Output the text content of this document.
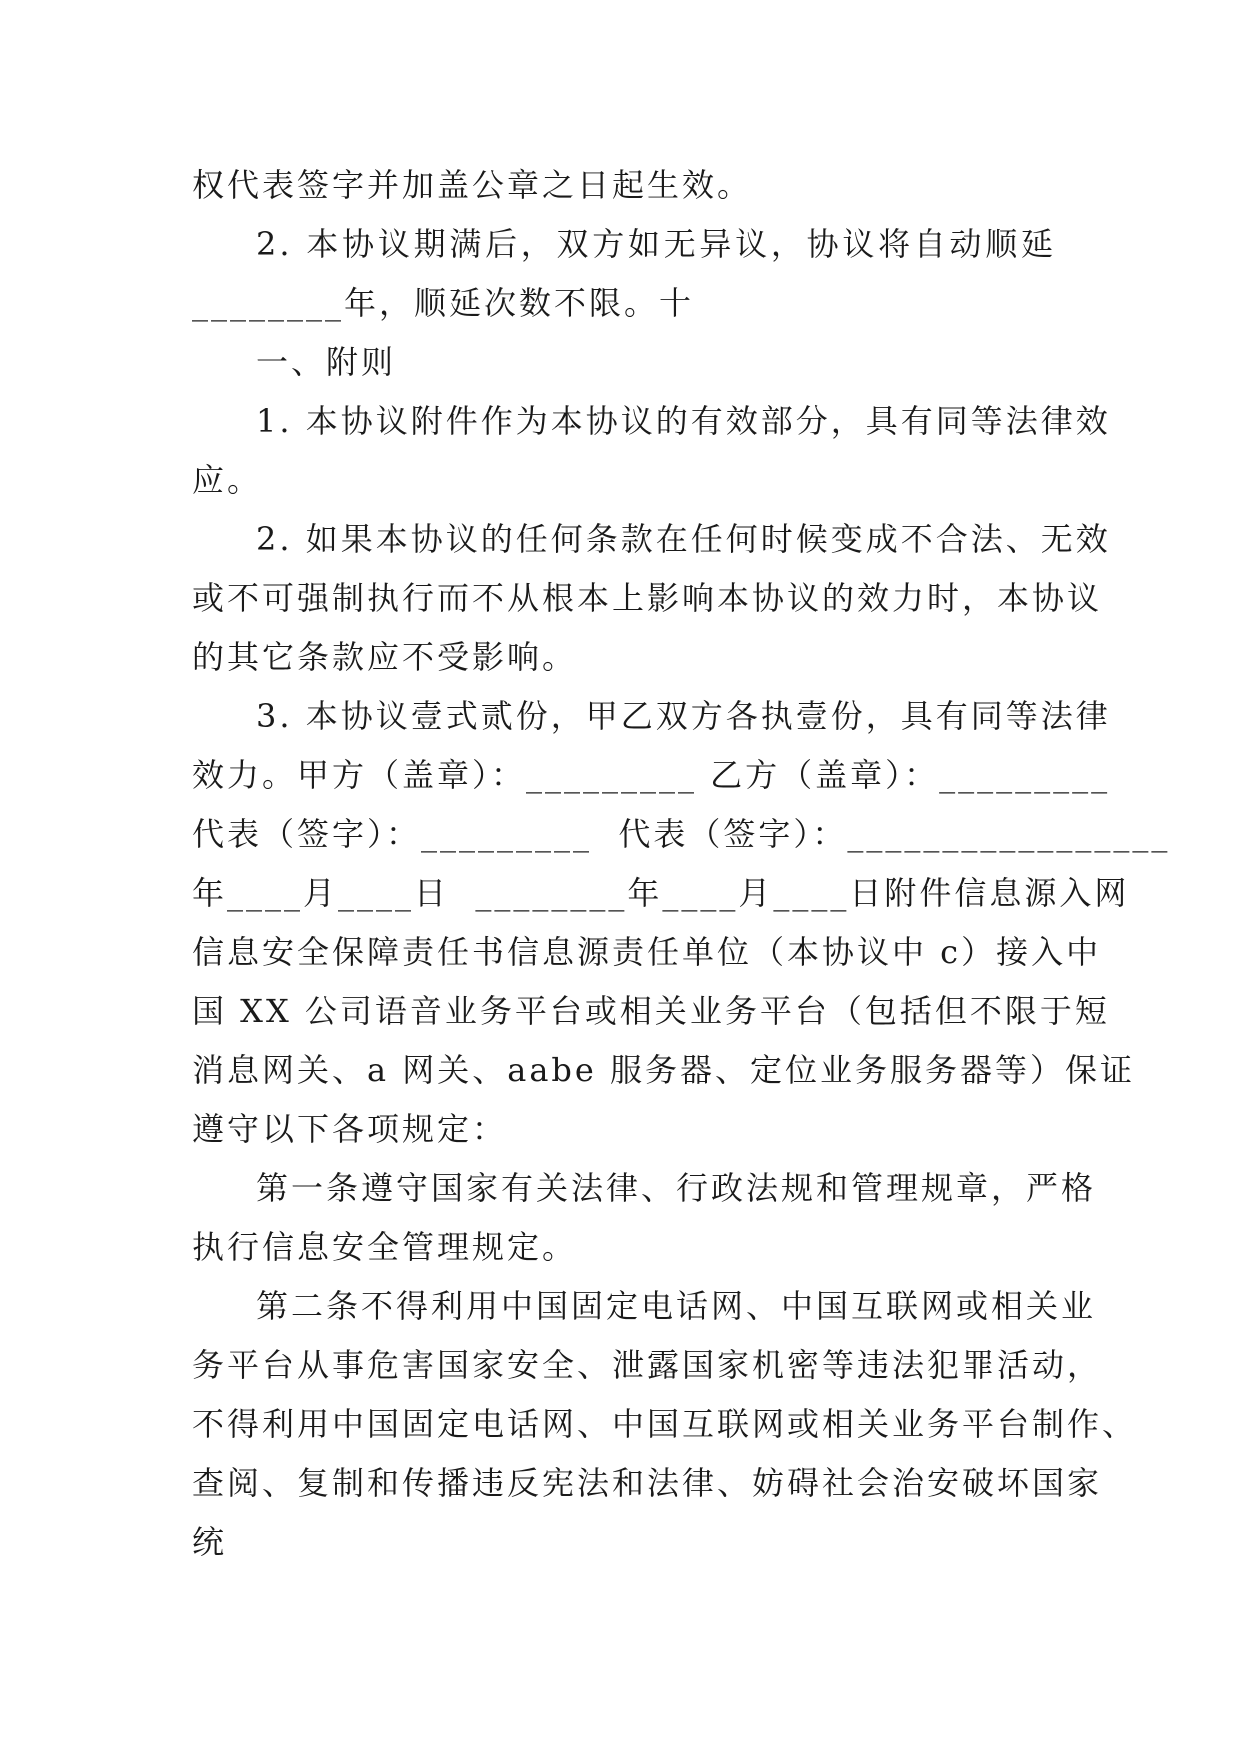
权代表签字并加盖公章之日起生效。
2. 本协议期满后，双方如无异议，协议将自动顺延
________年，顺延次数不限。十
一、附则
1. 本协议附件作为本协议的有效部分，具有同等法律效
应。
2. 如果本协议的任何条款在任何时候变成不合法、无效
或不可强制执行而不从根本上影响本协议的效力时，本协议
的其它条款应不受影响。
3. 本协议壹式贰份，甲乙双方各执壹份，具有同等法律
效力。甲方（盖章）：_________ 乙方（盖章）：_________
代表（签字）：_________  代表（签字）：_________________
年____月____日  ________年____月____日附件信息源入网
信息安全保障责任书信息源责任单位（本协议中 c）接入中
国 XX 公司语音业务平台或相关业务平台（包括但不限于短
消息网关、a 网关、aabe 服务器、定位业务服务器等）保证
遵守以下各项规定：
第一条遵守国家有关法律、行政法规和管理规章，严格
执行信息安全管理规定。
第二条不得利用中国固定电话网、中国互联网或相关业
务平台从事危害国家安全、泄露国家机密等违法犯罪活动，
不得利用中国固定电话网、中国互联网或相关业务平台制作、
查阅、复制和传播违反宪法和法律、妨碍社会治安破坏国家
统
